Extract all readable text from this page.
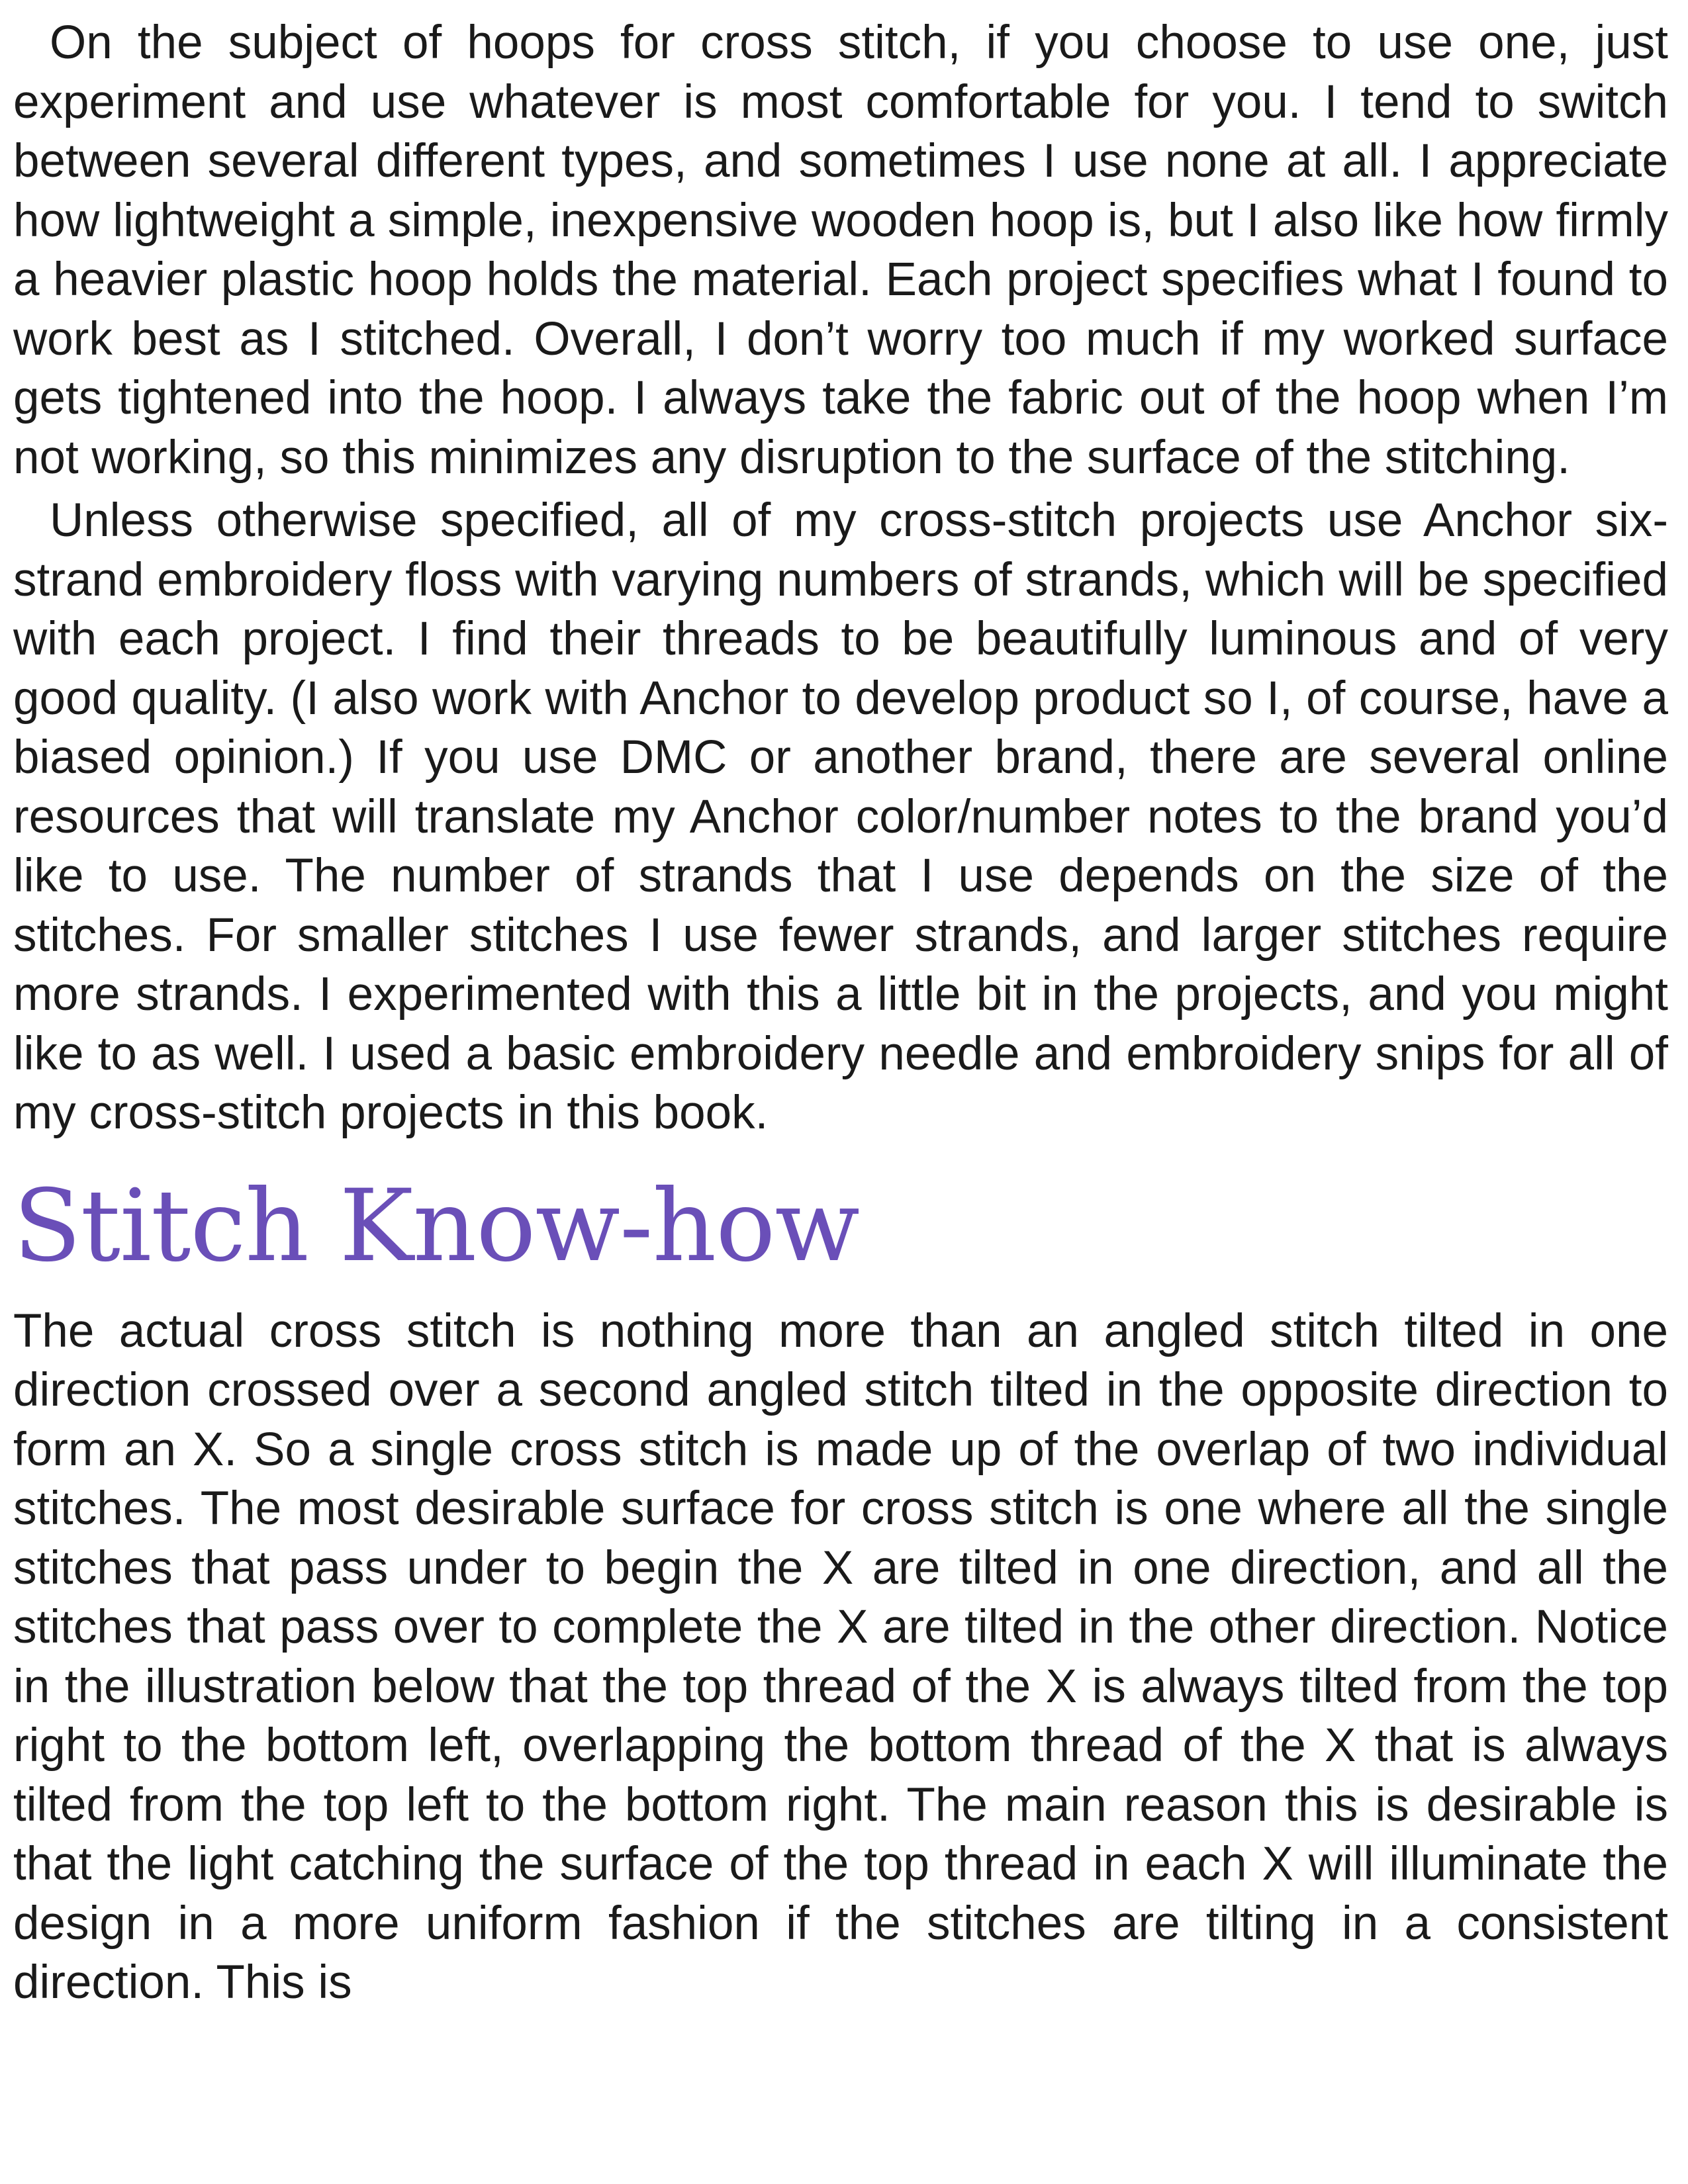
On the subject of hoops for cross stitch, if you choose to use one, just experiment and use whatever is most comfortable for you. I tend to switch between several different types, and sometimes I use none at all. I appreciate how lightweight a simple, inexpensive wooden hoop is, but I also like how firmly a heavier plastic hoop holds the material. Each project specifies what I found to work best as I stitched. Overall, I don’t worry too much if my worked surface gets tightened into the hoop. I always take the fabric out of the hoop when I’m not working, so this minimizes any disruption to the surface of the stitching.

Unless otherwise specified, all of my cross-stitch projects use Anchor six-strand embroidery floss with varying numbers of strands, which will be specified with each project. I find their threads to be beautifully luminous and of very good quality. (I also work with Anchor to develop product so I, of course, have a biased opinion.) If you use DMC or another brand, there are several online resources that will translate my Anchor color/number notes to the brand you’d like to use. The number of strands that I use depends on the size of the stitches. For smaller stitches I use fewer strands, and larger stitches require more strands. I experimented with this a little bit in the projects, and you might like to as well. I used a basic embroidery needle and embroidery snips for all of my cross-stitch projects in this book.

Stitch Know-how

The actual cross stitch is nothing more than an angled stitch tilted in one direction crossed over a second angled stitch tilted in the opposite direction to form an X. So a single cross stitch is made up of the overlap of two individual stitches. The most desirable surface for cross stitch is one where all the single stitches that pass under to begin the X are tilted in one direction, and all the stitches that pass over to complete the X are tilted in the other direction. Notice in the illustration below that the top thread of the X is always tilted from the top right to the bottom left, overlapping the bottom thread of the X that is always tilted from the top left to the bottom right. The main reason this is desirable is that the light catching the surface of the top thread in each X will illuminate the design in a more uniform fashion if the stitches are tilting in a consistent direction. This is
